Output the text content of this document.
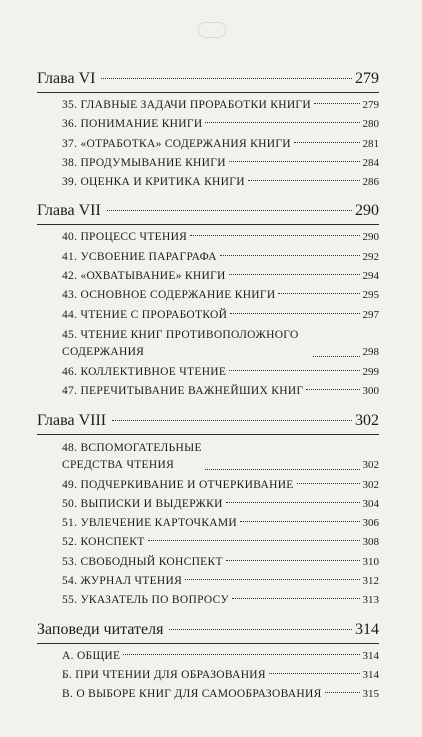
Глава VI	279
35. ГЛАВНЫЕ ЗАДАЧИ ПРОРАБОТКИ КНИГИ	279
36. ПОНИМАНИЕ КНИГИ	280
37. «ОТРАБОТКА» СОДЕРЖАНИЯ КНИГИ	281
38. ПРОДУМЫВАНИЕ КНИГИ	284
39. ОЦЕНКА И КРИТИКА КНИГИ	286
Глава VII	290
40. ПРОЦЕСС ЧТЕНИЯ	290
41. УСВОЕНИЕ ПАРАГРАФА	292
42. «ОХВАТЫВАНИЕ» КНИГИ	294
43. ОСНОВНОЕ СОДЕРЖАНИЕ КНИГИ	295
44. ЧТЕНИЕ С ПРОРАБОТКОЙ	297
45. ЧТЕНИЕ КНИГ ПРОТИВОПОЛОЖНОГО СОДЕРЖАНИЯ	298
46. КОЛЛЕКТИВНОЕ ЧТЕНИЕ	299
47. ПЕРЕЧИТЫВАНИЕ ВАЖНЕЙШИХ КНИГ	300
Глава VIII	302
48. ВСПОМОГАТЕЛЬНЫЕ СРЕДСТВА ЧТЕНИЯ	302
49. ПОДЧЕРКИВАНИЕ И ОТЧЕРКИВАНИЕ	302
50. ВЫПИСКИ И ВЫДЕРЖКИ	304
51. УВЛЕЧЕНИЕ КАРТОЧКАМИ	306
52. КОНСПЕКТ	308
53. СВОБОДНЫЙ КОНСПЕКТ	310
54. ЖУРНАЛ ЧТЕНИЯ	312
55. УКАЗАТЕЛЬ ПО ВОПРОСУ	313
Заповеди читателя	314
А. ОБЩИЕ	314
Б. ПРИ ЧТЕНИИ ДЛЯ ОБРАЗОВАНИЯ	314
В. О ВЫБОРЕ КНИГ ДЛЯ САМООБРАЗОВАНИЯ	315
